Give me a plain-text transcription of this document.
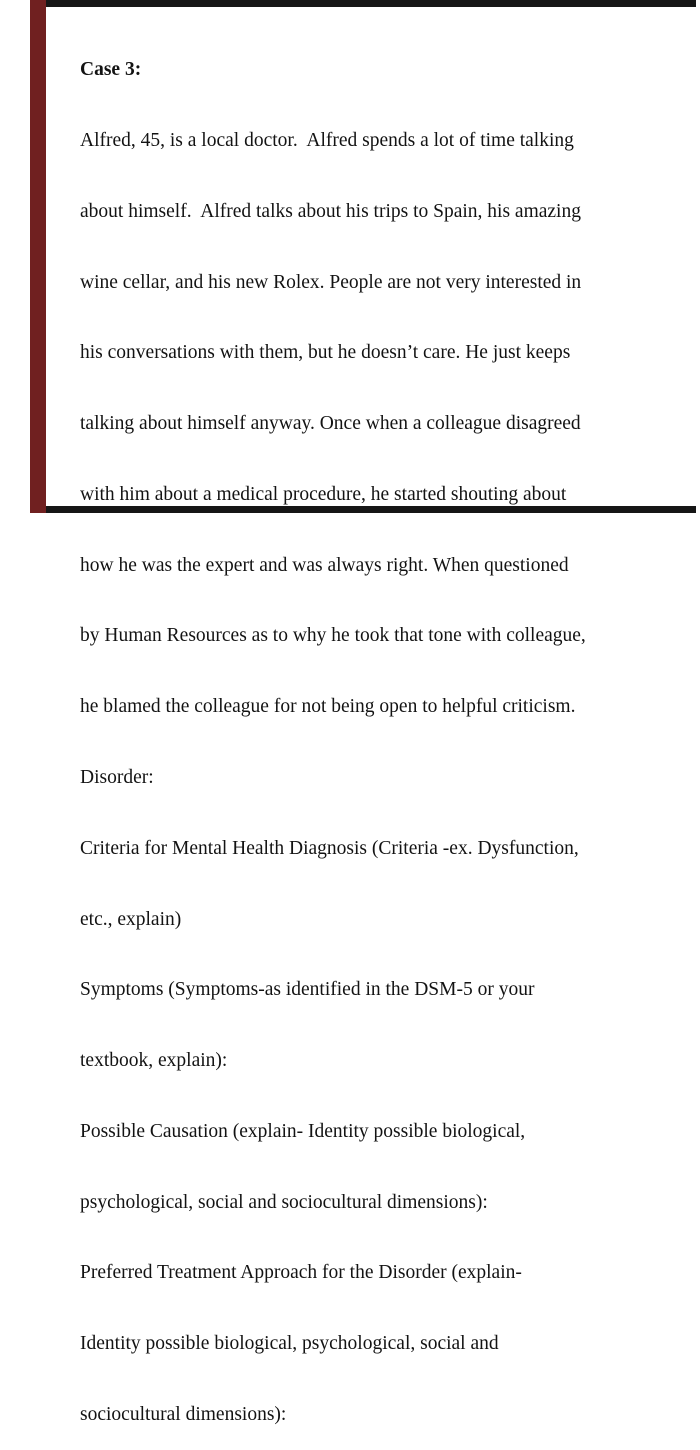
Case 3:

Alfred, 45, is a local doctor.  Alfred spends a lot of time talking

about himself.  Alfred talks about his trips to Spain, his amazing

wine cellar, and his new Rolex. People are not very interested in

his conversations with them, but he doesn’t care. He just keeps

talking about himself anyway. Once when a colleague disagreed

with him about a medical procedure, he started shouting about

how he was the expert and was always right. When questioned

by Human Resources as to why he took that tone with colleague,

he blamed the colleague for not being open to helpful criticism.

Disorder:

Criteria for Mental Health Diagnosis (Criteria -ex. Dysfunction,

etc., explain)

Symptoms (Symptoms-as identified in the DSM-5 or your

textbook, explain):

Possible Causation (explain- Identity possible biological,

psychological, social and sociocultural dimensions):

Preferred Treatment Approach for the Disorder (explain-

Identity possible biological, psychological, social and

sociocultural dimensions):
